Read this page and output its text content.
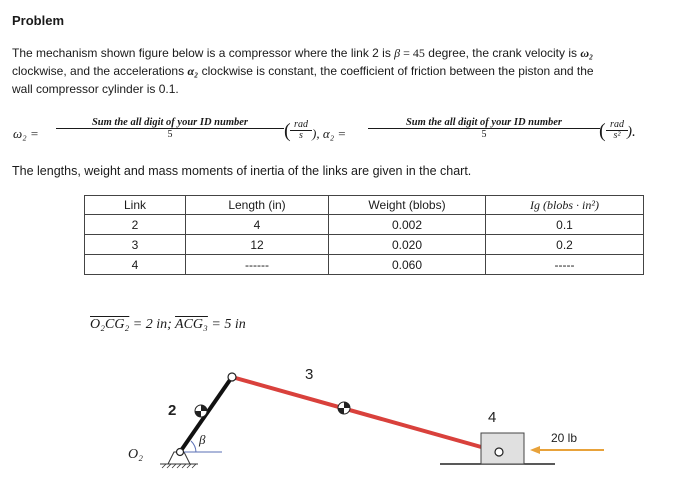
Problem

The mechanism shown figure below is a compressor where the link 2 is β = 45 degree, the crank velocity is ω₂

clockwise, and the accelerations α₂ clockwise is constant, the coefficient of friction between the piston and the

wall compressor cylinder is 0.1.

ω₂ =
Sum the all digit of your ID number
5	( rad
s ), α₂ =
Sum the all digit of your ID number
5	( rad
s² ).
The lengths, weight and mass moments of inertia of the links are given in the chart.
Link	Length (in)	Weight (blobs)	Ig (blobs · in²)
2	4	0.002	0.1
3	12	0.020	0.2
4	------	0.060	-----
O₂CG₂ = 2 in; ACG₃ = 5 in
2
3
4
O₂
β	20 lb
